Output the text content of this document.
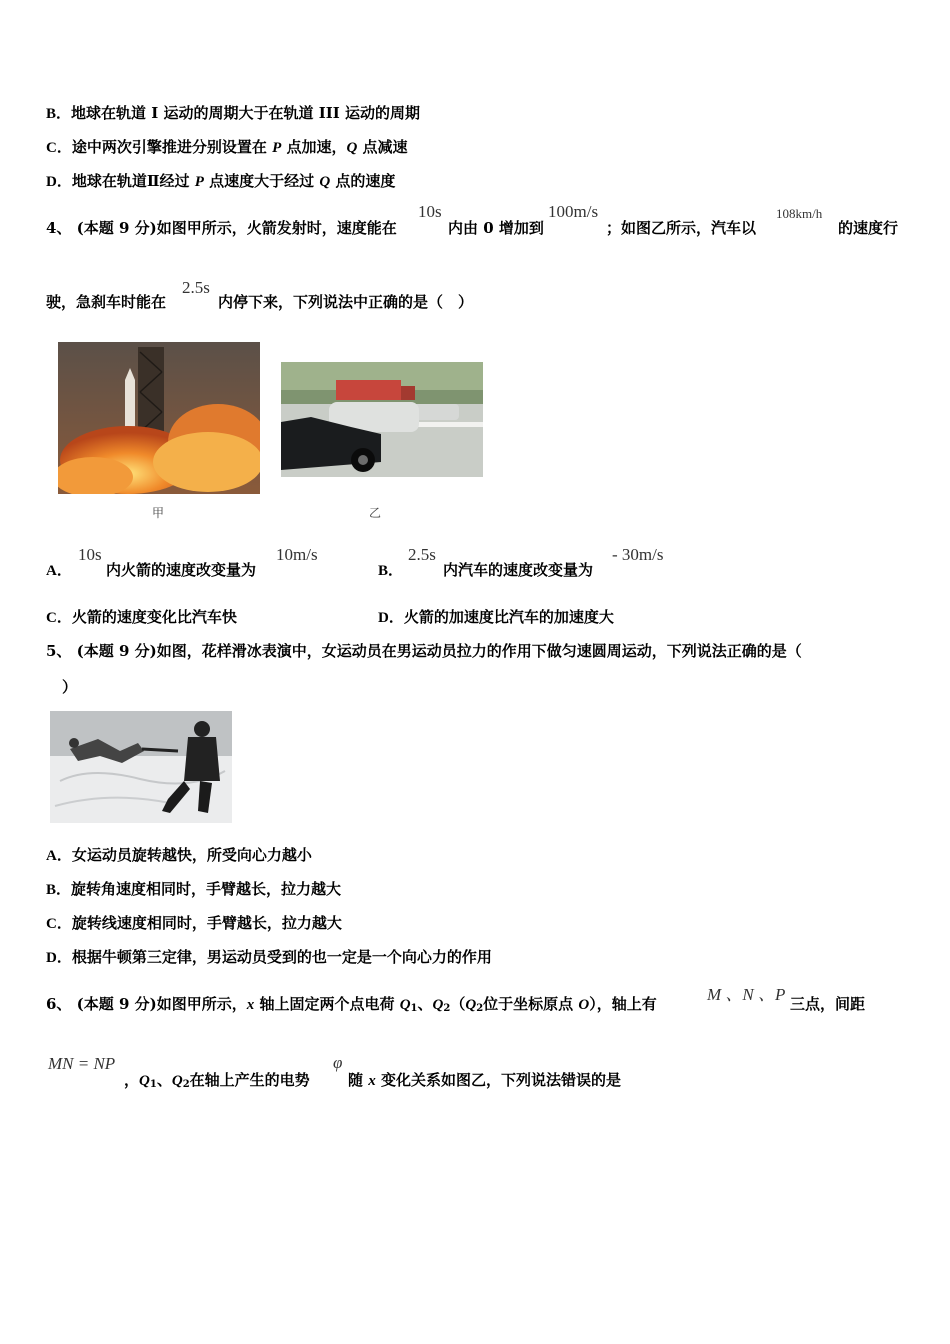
B．地球在轨道 I 运动的周期大于在轨道 III 运动的周期
C．途中两次引擎推进分别设置在 P 点加速，Q 点减速
D．地球在轨道Ⅱ经过 P 点速度大于经过 Q 点的速度
4、 (本题 9 分)如图甲所示，火箭发射时，速度能在
10s
内由 0 增加到
100m/s
；如图乙所示，汽车以
108km/h
的速度行
驶，急刹车时能在
2.5s
内停下来，下列说法中正确的是（　）
甲	乙
A．
10s
内火箭的速度改变量为
10m/s
B．
2.5s
内汽车的速度改变量为
- 30m/s
C．火箭的速度变化比汽车快	D．火箭的加速度比汽车的加速度大
5、 (本题 9 分)如图，花样滑冰表演中，女运动员在男运动员拉力的作用下做匀速圆周运动，下列说法正确的是（
）
A．女运动员旋转越快，所受向心力越小
B．旋转角速度相同时，手臂越长，拉力越大
C．旋转线速度相同时，手臂越长，拉力越大
D．根据牛顿第三定律，男运动员受到的也一定是一个向心力的作用
6、 (本题 9 分)如图甲所示，x 轴上固定两个点电荷 $Q_1$、$Q_2(Q_2$位于坐标原点 O），轴上有	M 、N 、P 三点，间距
MN = NP
，$Q_1$、$Q_2$在轴上产生的电势
φ
随 x 变化关系如图乙，下列说法错误的是
